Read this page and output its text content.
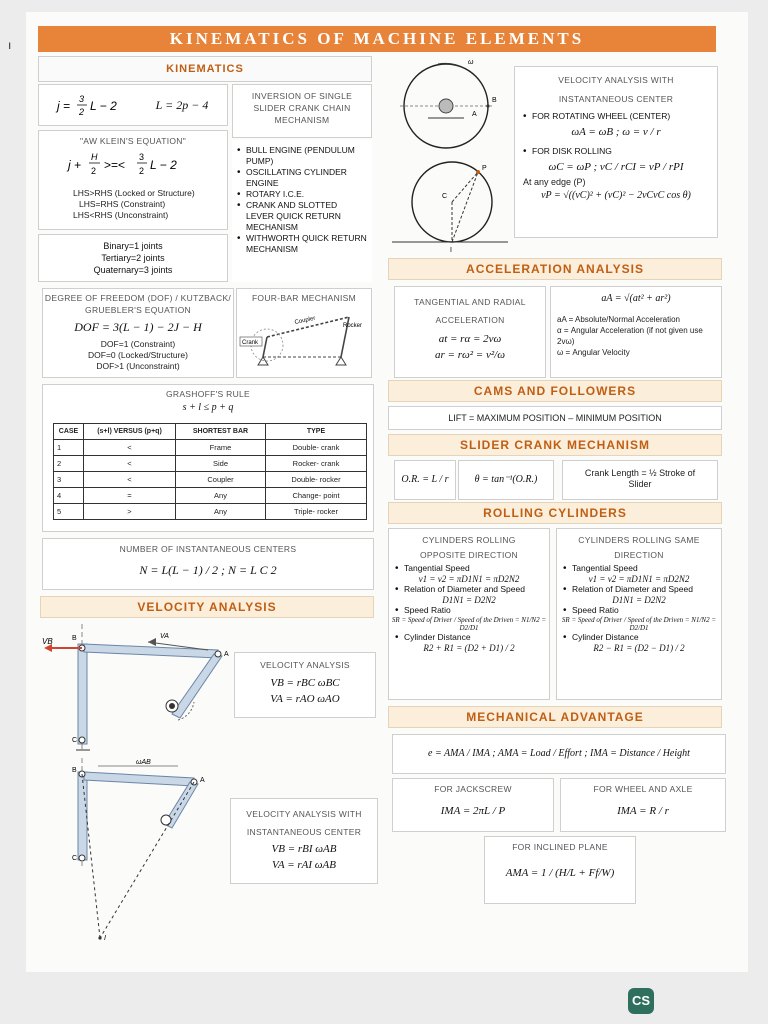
ı	KINEMATICS OF MACHINE ELEMENTS
KINEMATICS
j = 3
2 L − 2	L = 2p − 4
INVERSION OF SINGLE SLIDER CRANK CHAIN MECHANISM
"AW KLEIN'S EQUATION"
j +
H
2 >=<
3
2 L − 2
LHS>RHS (Locked or Structure)
LHS=RHS (Constraint)
LHS<RHS (Unconstraint)
• BULL ENGINE (PENDULUM PUMP)
• OSCILLATING CYLINDER ENGINE
• ROTARY I.C.E.
• CRANK AND SLOTTED LEVER QUICK RETURN MECHANISM
• WITHWORTH QUICK RETURN MECHANISM
Binary=1 joints
Tertiary=2 joints
Quaternary=3 joints
DEGREE OF FREEDOM (DOF) / KUTZBACK/ GRUEBLER'S EQUATION
DOF = 3(L − 1) − 2J − H
DOF=1 (Constraint)
DOF=0 (Locked/Structure)
DOF>1 (Unconstraint)
FOUR-BAR MECHANISM
Coupler
Rocker
Crank
GRASHOFF'S RULE
s + l ≤ p + q
CASE	(s+l) VERSUS (p+q)	SHORTEST BAR	TYPE
1	<	Frame	Double- crank
2	<	Side	Rocker- crank
3	<	Coupler	Double- rocker
4	=	Any	Change- point
5	>	Any	Triple- rocker
NUMBER OF INSTANTANEOUS CENTERS
N = L(L − 1) / 2 ; N = L C 2
VELOCITY ANALYSIS
VB	B	VA
A
C
VELOCITY ANALYSIS
VB = rBC ωBC
VA = rAO ωAO
ωAB
B
A
C
I
VELOCITY ANALYSIS WITH INSTANTANEOUS CENTER
VB = rBI ωAB
VA = rAI ωAB
ω
B
A
P
C
I
VELOCITY ANALYSIS WITH INSTANTANEOUS CENTER
• FOR ROTATING WHEEL (CENTER)
ωA = ωB ; ω = v / r
• FOR DISK ROLLING
ωC = ωP ; vC / rCI = vP / rPI
At any edge (P)
vP = √((vC)² + (vC)² − 2vCvC cos θ)
ACCELERATION ANALYSIS
TANGENTIAL AND RADIAL ACCELERATION
at = rα = 2vω
ar = rω² = v²/ω
aA = √(at² + ar²)
aA = Absolute/Normal Acceleration
α = Angular Acceleration (if not given use 2vω)
ω = Angular Velocity
CAMS AND FOLLOWERS
LIFT = MAXIMUM POSITION – MINIMUM POSITION
SLIDER CRANK MECHANISM
O.R. = L / r	θ = tan⁻¹(O.R.)
Crank Length = ½ Stroke of Slider
ROLLING CYLINDERS
CYLINDERS ROLLING OPPOSITE DIRECTION
• Tangential Speed
v1 = v2 = πD1N1 = πD2N2
• Relation of Diameter and Speed
D1N1 = D2N2
• Speed Ratio
SR = Speed of Driver / Speed of the Driven = N1/N2 = D2/D1
• Cylinder Distance
R2 + R1 = (D2 + D1) / 2
CYLINDERS ROLLING SAME DIRECTION
• Tangential Speed
v1 = v2 = πD1N1 = πD2N2
• Relation of Diameter and Speed
D1N1 = D2N2
• Speed Ratio
SR = Speed of Driver / Speed of the Driven = N1/N2 = D2/D1
• Cylinder Distance
R2 − R1 = (D2 − D1) / 2
MECHANICAL ADVANTAGE
e = AMA / IMA ; AMA = Load / Effort ; IMA = Distance / Height
FOR JACKSCREW
IMA = 2πL / P
FOR WHEEL AND AXLE
IMA = R / r
FOR INCLINED PLANE
AMA = 1 / (H/L + Ff/W)
CS
